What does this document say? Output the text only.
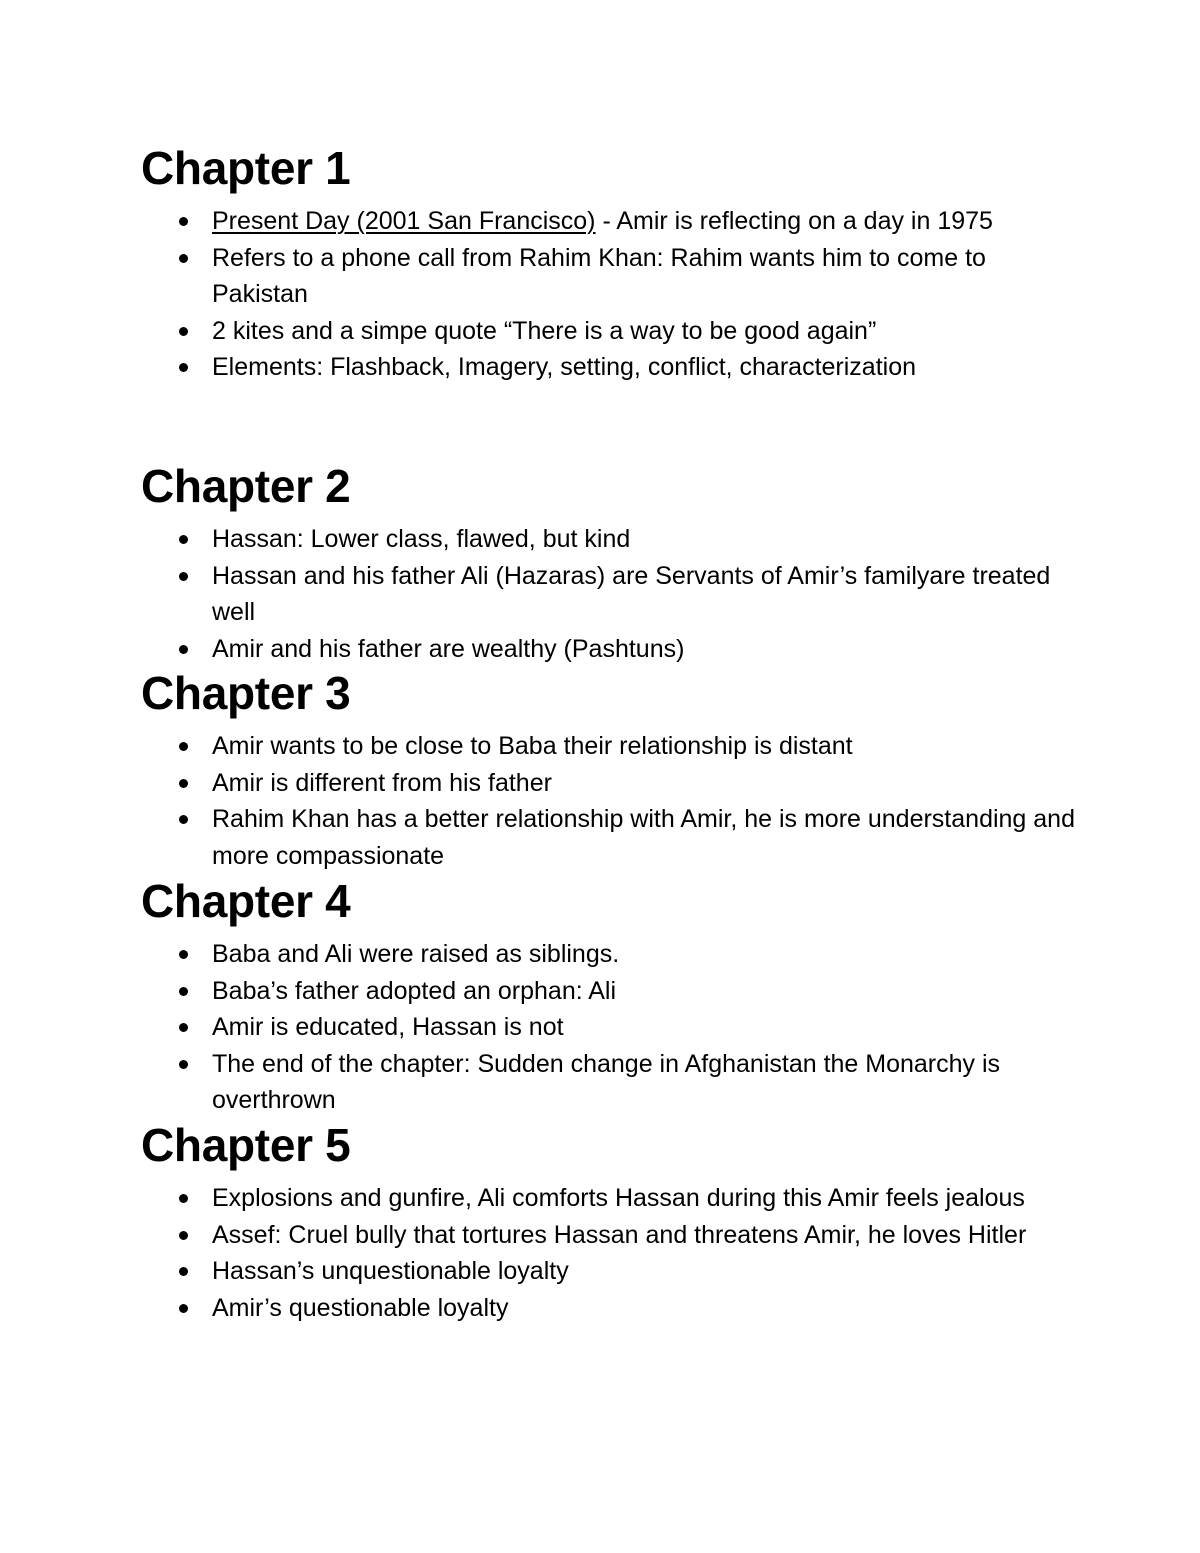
Chapter 1
Present Day (2001 San Francisco) - Amir is reflecting on a day in 1975
Refers to a phone call from Rahim Khan: Rahim wants him to come to Pakistan
2 kites and a simpe quote “There is a way to be good again”
Elements: Flashback, Imagery, setting, conflict, characterization
Chapter 2
Hassan: Lower class, flawed, but kind
Hassan and his father Ali (Hazaras) are Servants of Amir’s familyare treated well
Amir and his father are wealthy (Pashtuns)
Chapter 3
Amir wants to be close to Baba their relationship is distant
Amir is different from his father
Rahim Khan has a better relationship with Amir, he is more understanding and more compassionate
Chapter 4
Baba and Ali were raised as siblings.
Baba’s father adopted an orphan: Ali
Amir is educated, Hassan is not
The end of the chapter: Sudden change in Afghanistan the Monarchy is overthrown
Chapter 5
Explosions and gunfire, Ali comforts Hassan during this Amir feels jealous
Assef: Cruel bully that tortures Hassan and threatens Amir, he loves Hitler
Hassan’s unquestionable loyalty
Amir’s questionable loyalty
